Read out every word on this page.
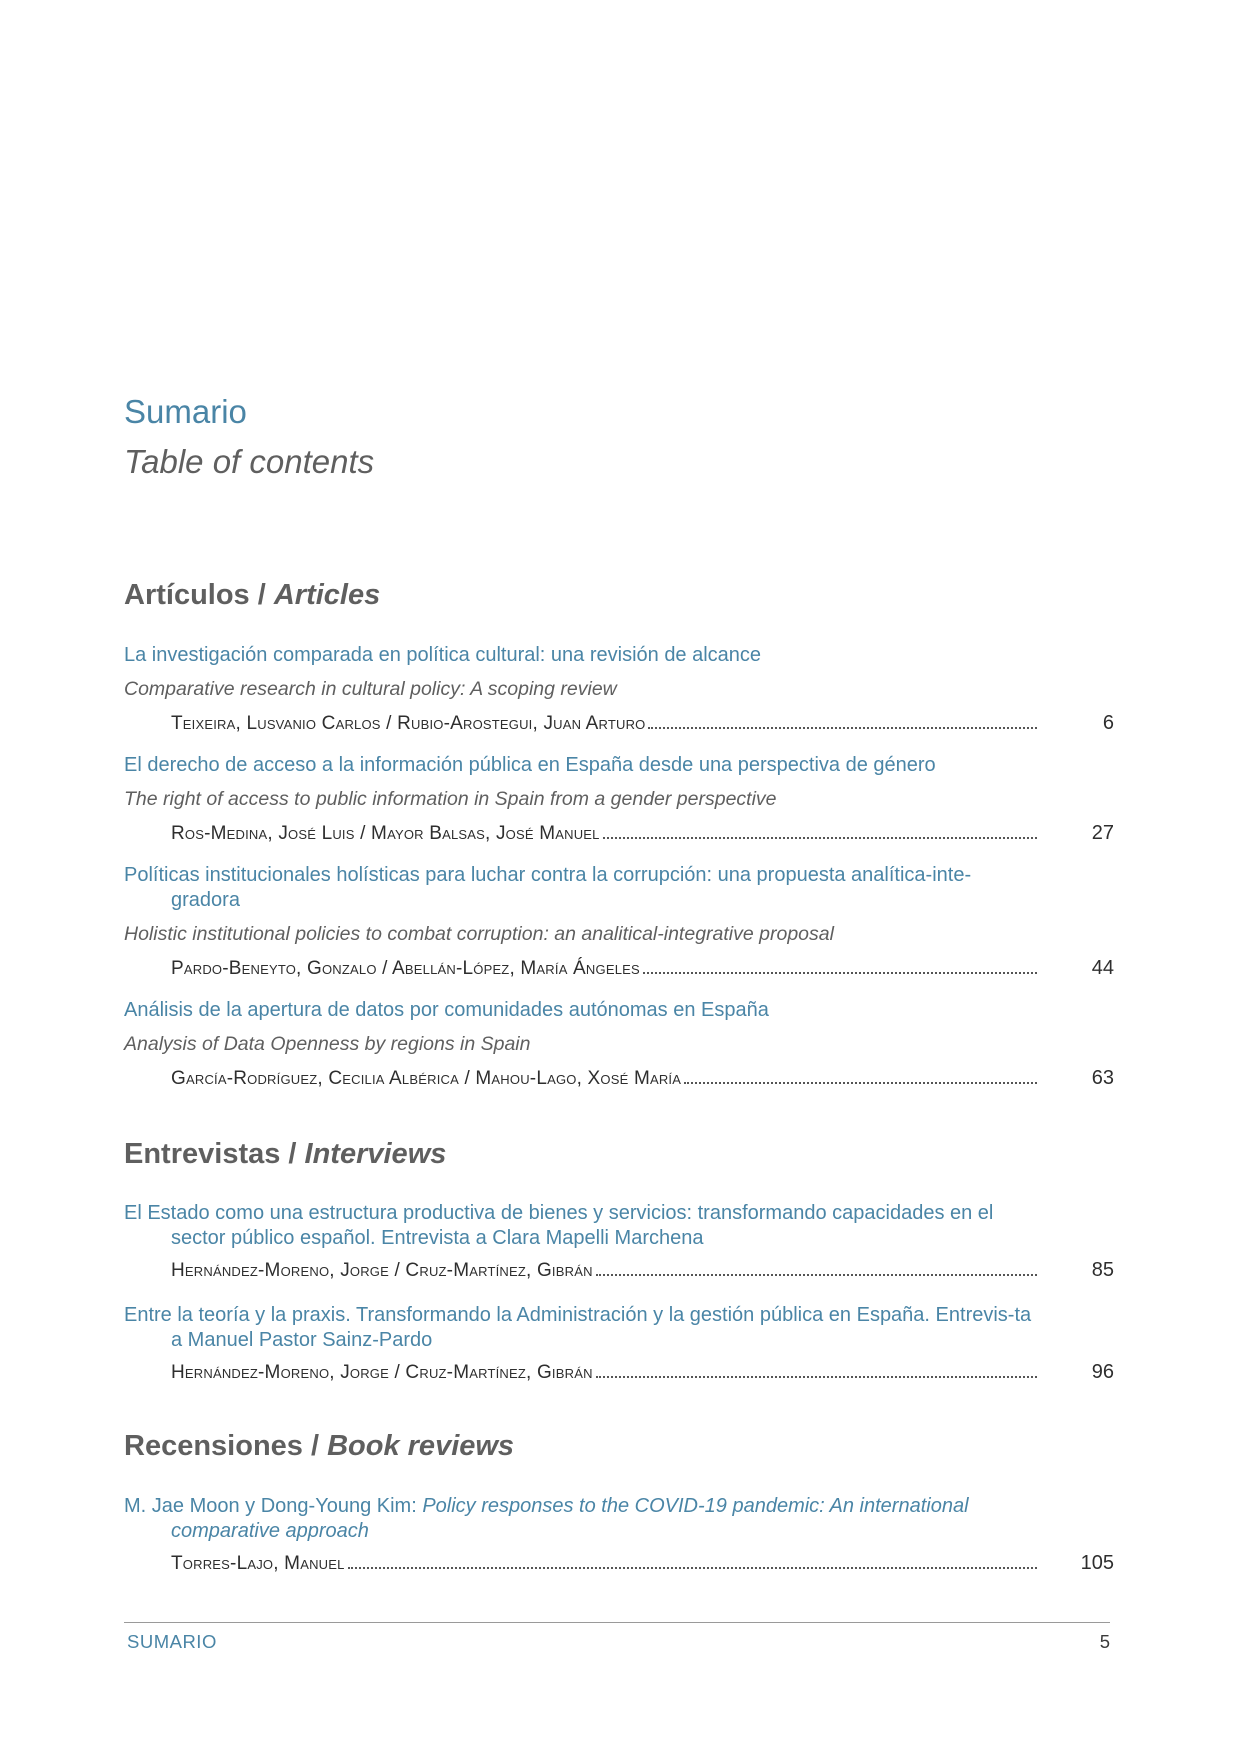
Sumario
Table of contents
Artículos / Articles
La investigación comparada en política cultural: una revisión de alcance
Comparative research in cultural policy: A scoping review
Teixeira, Lusvanio Carlos / Rubio-Arostegui, Juan Arturo	6
El derecho de acceso a la información pública en España desde una perspectiva de género
The right of access to public information in Spain from a gender perspective
Ros-Medina, José Luis / Mayor Balsas, José Manuel	27
Políticas institucionales holísticas para luchar contra la corrupción: una propuesta analítica-inte-gradora
Holistic institutional policies to combat corruption: an analitical-integrative proposal
Pardo-Beneyto, Gonzalo / Abellán-López, María Ángeles	44
Análisis de la apertura de datos por comunidades autónomas en España
Analysis of Data Openness by regions in Spain
García-Rodríguez, Cecilia Albérica / Mahou-Lago, Xosé María	63
Entrevistas / Interviews
El Estado como una estructura productiva de bienes y servicios: transformando capacidades en el sector público español. Entrevista a Clara Mapelli Marchena
Hernández-Moreno, Jorge / Cruz-Martínez, Gibrán	85
Entre la teoría y la praxis. Transformando la Administración y la gestión pública en España. Entrevis-ta a Manuel Pastor Sainz-Pardo
Hernández-Moreno, Jorge / Cruz-Martínez, Gibrán	96
Recensiones / Book reviews
M. Jae Moon y Dong-Young Kim: Policy responses to the COVID-19 pandemic: An international comparative approach
Torres-Lajo, Manuel	105
SUMARIO	5
